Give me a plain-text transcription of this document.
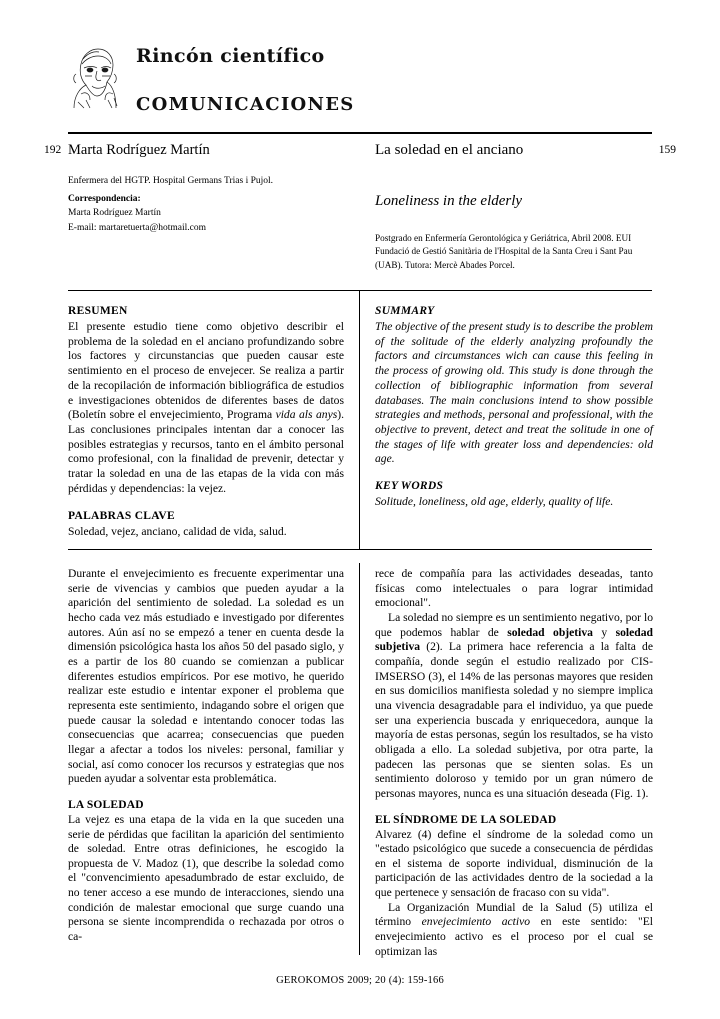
Rincón científico
COMUNICACIONES
192	159
Marta Rodríguez Martín	La soledad en el anciano
Enfermera del HGTP. Hospital Germans Trias i Pujol.
Correspondencia:
Marta Rodríguez Martín
E-mail: martaretuerta@hotmail.com
Loneliness in the elderly
Postgrado en Enfermería Gerontológica y Geriátrica, Abril 2008. EUI Fundació de Gestió Sanitària de l'Hospital de la Santa Creu i Sant Pau (UAB). Tutora: Mercè Abades Porcel.
RESUMEN

El presente estudio tiene como objetivo describir el problema de la soledad en el anciano profundizando sobre los factores y circunstancias que pueden causar este sentimiento en el proceso de envejecer. Se realiza a partir de la recopilación de información bibliográfica de estudios e investigaciones obtenidos de diferentes bases de datos (Boletín sobre el envejecimiento, Programa vida als anys). Las conclusiones principales intentan dar a conocer las posibles estrategias y recursos, tanto en el ámbito personal como profesional, con la finalidad de prevenir, detectar y tratar la soledad en una de las etapas de la vida con más pérdidas y dependencias: la vejez.

PALABRAS CLAVE

Soledad, vejez, anciano, calidad de vida, salud.

SUMMARY

The objective of the present study is to describe the problem of the solitude of the elderly analyzing profoundly the factors and circumstances wich can cause this feeling in the process of growing old. This study is done through the collection of bibliographic information from several databases. The main conclusions intend to show possible strategies and methods, personal and professional, with the objective to prevent, detect and treat the solitude in one of the stages of life with greater loss and dependencies: old age.

KEY WORDS

Solitude, loneliness, old age, elderly, quality of life.

Durante el envejecimiento es frecuente experimentar una serie de vivencias y cambios que pueden ayudar a la aparición del sentimiento de soledad. La soledad es un hecho cada vez más estudiado e investigado por diferentes autores. Aún así no se empezó a tener en cuenta desde la dimensión psicológica hasta los años 50 del pasado siglo, y es a partir de los 80 cuando se comienzan a publicar diferentes estudios empíricos. Por ese motivo, he querido realizar este estudio e intentar exponer el problema que representa este sentimiento, indagando sobre el origen que puede causar la soledad e intentando conocer todas las consecuencias que acarrea; consecuencias que pueden llegar a afectar a todos los niveles: personal, familiar y social, así como conocer los recursos y estrategias que nos pueden ayudar a solventar esta problemática.

LA SOLEDAD

La vejez es una etapa de la vida en la que suceden una serie de pérdidas que facilitan la aparición del sentimiento de soledad. Entre otras definiciones, he escogido la propuesta de V. Madoz (1), que describe la soledad como el "convencimiento apesadumbrado de estar excluido, de no tener acceso a ese mundo de interacciones, siendo una condición de malestar emocional que surge cuando una persona se siente incomprendida o rechazada por otros o ca-

rece de compañía para las actividades deseadas, tanto físicas como intelectuales o para lograr intimidad emocional".

La soledad no siempre es un sentimiento negativo, por lo que podemos hablar de soledad objetiva y soledad subjetiva (2). La primera hace referencia a la falta de compañía, donde según el estudio realizado por CIS-IMSERSO (3), el 14% de las personas mayores que residen en sus domicilios manifiesta soledad y no siempre implica una vivencia desagradable para el individuo, ya que puede ser una experiencia buscada y enriquecedora, aunque la mayoría de estas personas, según los resultados, se ha visto obligada a ello. La soledad subjetiva, por otra parte, la padecen las personas que se sienten solas. Es un sentimiento doloroso y temido por un gran número de personas mayores, nunca es una situación deseada (Fig. 1).

EL SÍNDROME DE LA SOLEDAD

Alvarez (4) define el síndrome de la soledad como un "estado psicológico que sucede a consecuencia de pérdidas en el sistema de soporte individual, disminución de la participación de las actividades dentro de la sociedad a la que pertenece y sensación de fracaso con su vida".

La Organización Mundial de la Salud (5) utiliza el término envejecimiento activo en este sentido: "El envejecimiento activo es el proceso por el cual se optimizan las

GEROKOMOS 2009; 20 (4): 159-166
